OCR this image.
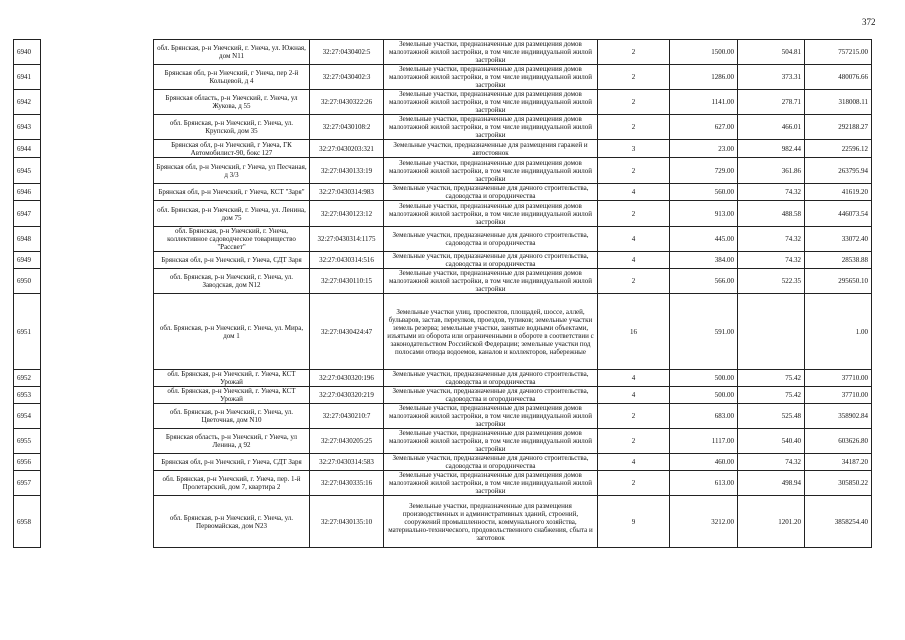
372
6940		обл. Брянская, р-н Унечский, г. Унеча, ул. Южная, дом N11	32:27:0430402:5	Земельные участки, предназначенные для размещения домов малоэтажной жилой застройки, в том числе индивидуальной жилой застройки	2	1500.00	504.81	757215.00
6941		Брянская обл, р-н Унечский, г Унеча, пер 2-й Кольцевой, д 4	32:27:0430402:3	Земельные участки, предназначенные для размещения домов малоэтажной жилой застройки, в том числе индивидуальной жилой застройки	2	1286.00	373.31	480076.66
6942		Брянская область, р-н Унечский, г. Унеча, ул Жукова, д 55	32:27:0430322:26	Земельные участки, предназначенные для размещения домов малоэтажной жилой застройки, в том числе индивидуальной жилой застройки	2	1141.00	278.71	318008.11
6943		обл. Брянская, р-н Унечский, г. Унеча, ул. Крупской, дом 35	32:27:0430108:2	Земельные участки, предназначенные для размещения домов малоэтажной жилой застройки, в том числе индивидуальной жилой застройки	2	627.00	466.01	292188.27
6944		Брянская обл, р-н Унечский, г Унеча, ГК Автомобилист-90, бокс 127	32:27:0430203:321	Земельные участки, предназначенные для размещения гаражей и автостоянок	3	23.00	982.44	22596.12
6945		Брянская обл, р-н Унечский, г Унеча, ул Песчаная, д 3/3	32:27:0430133:19	Земельные участки, предназначенные для размещения домов малоэтажной жилой застройки, в том числе индивидуальной жилой застройки	2	729.00	361.86	263795.94
6946		Брянская обл, р-н Унечский, г Унеча, КСТ "Заря"	32:27:0430314:983	Земельные участки, предназначенные для дачного строительства, садоводства и огородничества	4	560.00	74.32	41619.20
6947		обл. Брянская, р-н Унечский, г. Унеча, ул. Ленина, дом 75	32:27:0430123:12	Земельные участки, предназначенные для размещения домов малоэтажной жилой застройки, в том числе индивидуальной жилой застройки	2	913.00	488.58	446073.54
6948		обл. Брянская, р-н Унечский, г. Унеча, коллективное садоводческое товарищество "Рассвет"	32:27:0430314:1175	Земельные участки, предназначенные для дачного строительства, садоводства и огородничества	4	445.00	74.32	33072.40
6949		Брянская обл, р-н Унечский, г Унеча, СДТ Заря	32:27:0430314:516	Земельные участки, предназначенные для дачного строительства, садоводства и огородничества	4	384.00	74.32	28538.88
6950		обл. Брянская, р-н Унечский, г. Унеча, ул. Заводская, дом N12	32:27:0430110:15	Земельные участки, предназначенные для размещения домов малоэтажной жилой застройки, в том числе индивидуальной жилой застройки	2	566.00	522.35	295650.10
6951		обл. Брянская, р-н Унечский, г. Унеча, ул. Мира, дом 1	32:27:0430424:47	Земельные участки улиц, проспектов, площадей, шоссе, аллей, бульваров, застав, переулков, проездов, тупиков; земельные участки земель резерва; земельные участки, занятые водными объектами, изъятыми из оборота или ограниченными в обороте в соответствии с законодательством Российской Федерации; земельные участки под полосами отвода водоемов, каналов и коллекторов, набережные	16	591.00		1.00
6952		обл. Брянская, р-н Унечский, г. Унеча, КСТ Урожай	32:27:0430320:196	Земельные участки, предназначенные для дачного строительства, садоводства и огородничества	4	500.00	75.42	37710.00
6953		обл. Брянская, р-н Унечский, г. Унеча, КСТ Урожай	32:27:0430320:219	Земельные участки, предназначенные для дачного строительства, садоводства и огородничества	4	500.00	75.42	37710.00
6954		обл. Брянская, р-н Унечский, г. Унеча, ул. Цветочная, дом N10	32:27:0430210:7	Земельные участки, предназначенные для размещения домов малоэтажной жилой застройки, в том числе индивидуальной жилой застройки	2	683.00	525.48	358902.84
6955		Брянская область, р-н Унечский, г Унеча, ул Ленина, д 92	32:27:0430205:25	Земельные участки, предназначенные для размещения домов малоэтажной жилой застройки, в том числе индивидуальной жилой застройки	2	1117.00	540.40	603626.80
6956		Брянская обл, р-н Унечский, г Унеча, СДТ Заря	32:27:0430314:583	Земельные участки, предназначенные для дачного строительства, садоводства и огородничества	4	460.00	74.32	34187.20
6957		обл. Брянская, р-н Унечский, г. Унеча, пер. 1-й Пролетарский, дом 7, квартира 2	32:27:0430335:16	Земельные участки, предназначенные для размещения домов малоэтажной жилой застройки, в том числе индивидуальной жилой застройки	2	613.00	498.94	305850.22
6958		обл. Брянская, р-н Унечский, г. Унеча, ул. Первомайская, дом N23	32:27:0430135:10	Земельные участки, предназначенные для размещения производственных и административных зданий, строений, сооружений промышленности, коммунального хозяйства, материально-технического, продовольственного снабжения, сбыта и заготовок	9	3212.00	1201.20	3858254.40
